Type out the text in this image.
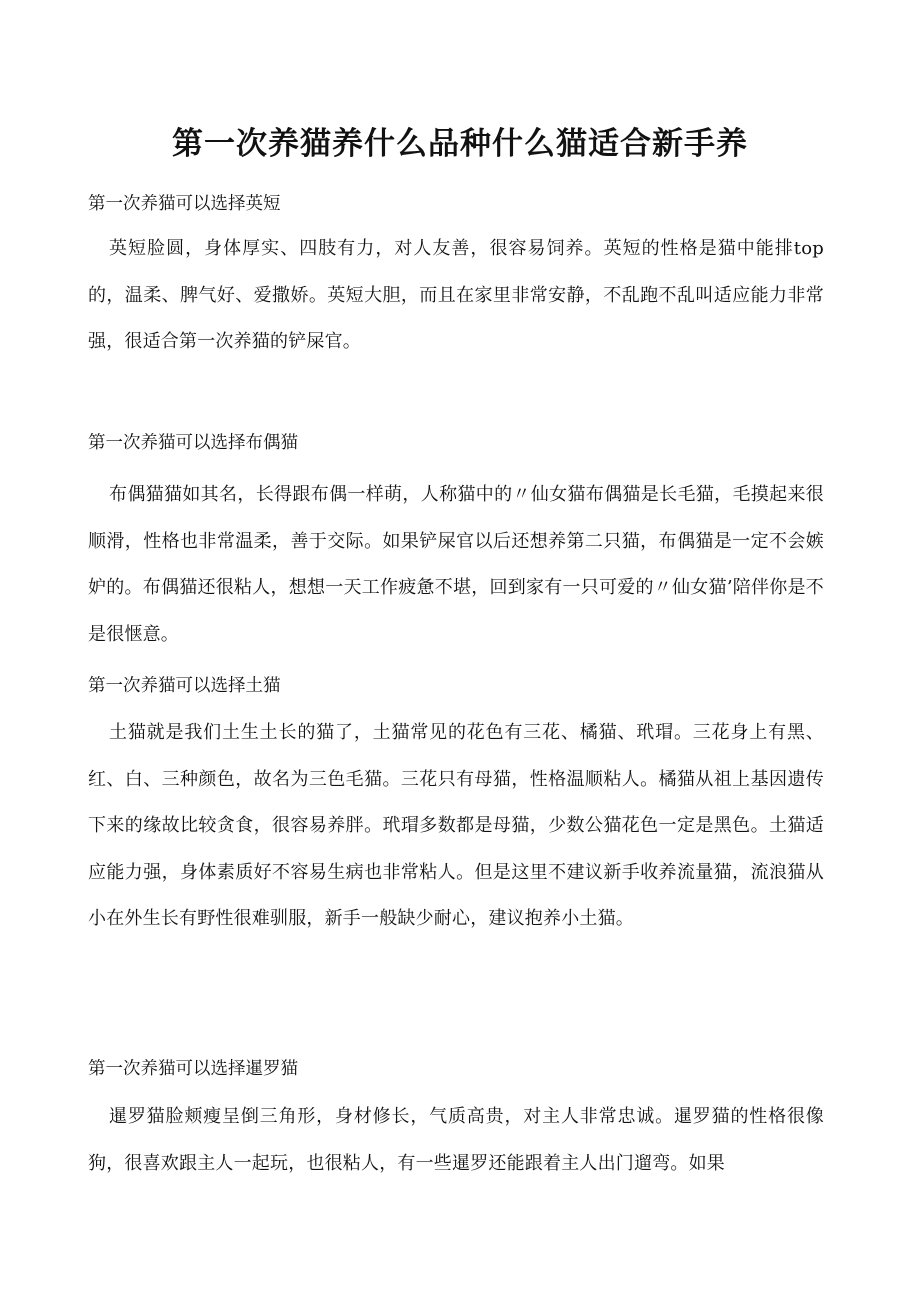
第一次养猫养什么品种什么猫适合新手养
第一次养猫可以选择英短

英短脸圆，身体厚实、四肢有力，对人友善，很容易饲养。英短的性格是猫中能排top的，温柔、脾气好、爱撒娇。英短大胆，而且在家里非常安静，不乱跑不乱叫适应能力非常强，很适合第一次养猫的铲屎官。

第一次养猫可以选择布偶猫

布偶猫猫如其名，长得跟布偶一样萌，人称猫中的〃仙女猫布偶猫是长毛猫，毛摸起来很顺滑，性格也非常温柔，善于交际。如果铲屎官以后还想养第二只猫，布偶猫是一定不会嫉妒的。布偶猫还很粘人，想想一天工作疲惫不堪，回到家有一只可爱的〃仙女猫’陪伴你是不是很惬意。

第一次养猫可以选择土猫

土猫就是我们土生土长的猫了，土猫常见的花色有三花、橘猫、玳瑁。三花身上有黑、红、白、三种颜色，故名为三色毛猫。三花只有母猫，性格温顺粘人。橘猫从祖上基因遗传下来的缘故比较贪食，很容易养胖。玳瑁多数都是母猫，少数公猫花色一定是黑色。土猫适应能力强，身体素质好不容易生病也非常粘人。但是这里不建议新手收养流量猫，流浪猫从小在外生长有野性很难驯服，新手一般缺少耐心，建议抱养小土猫。

第一次养猫可以选择暹罗猫

暹罗猫脸颊瘦呈倒三角形，身材修长，气质高贵，对主人非常忠诚。暹罗猫的性格很像狗，很喜欢跟主人一起玩，也很粘人，有一些暹罗还能跟着主人出门遛弯。如果
